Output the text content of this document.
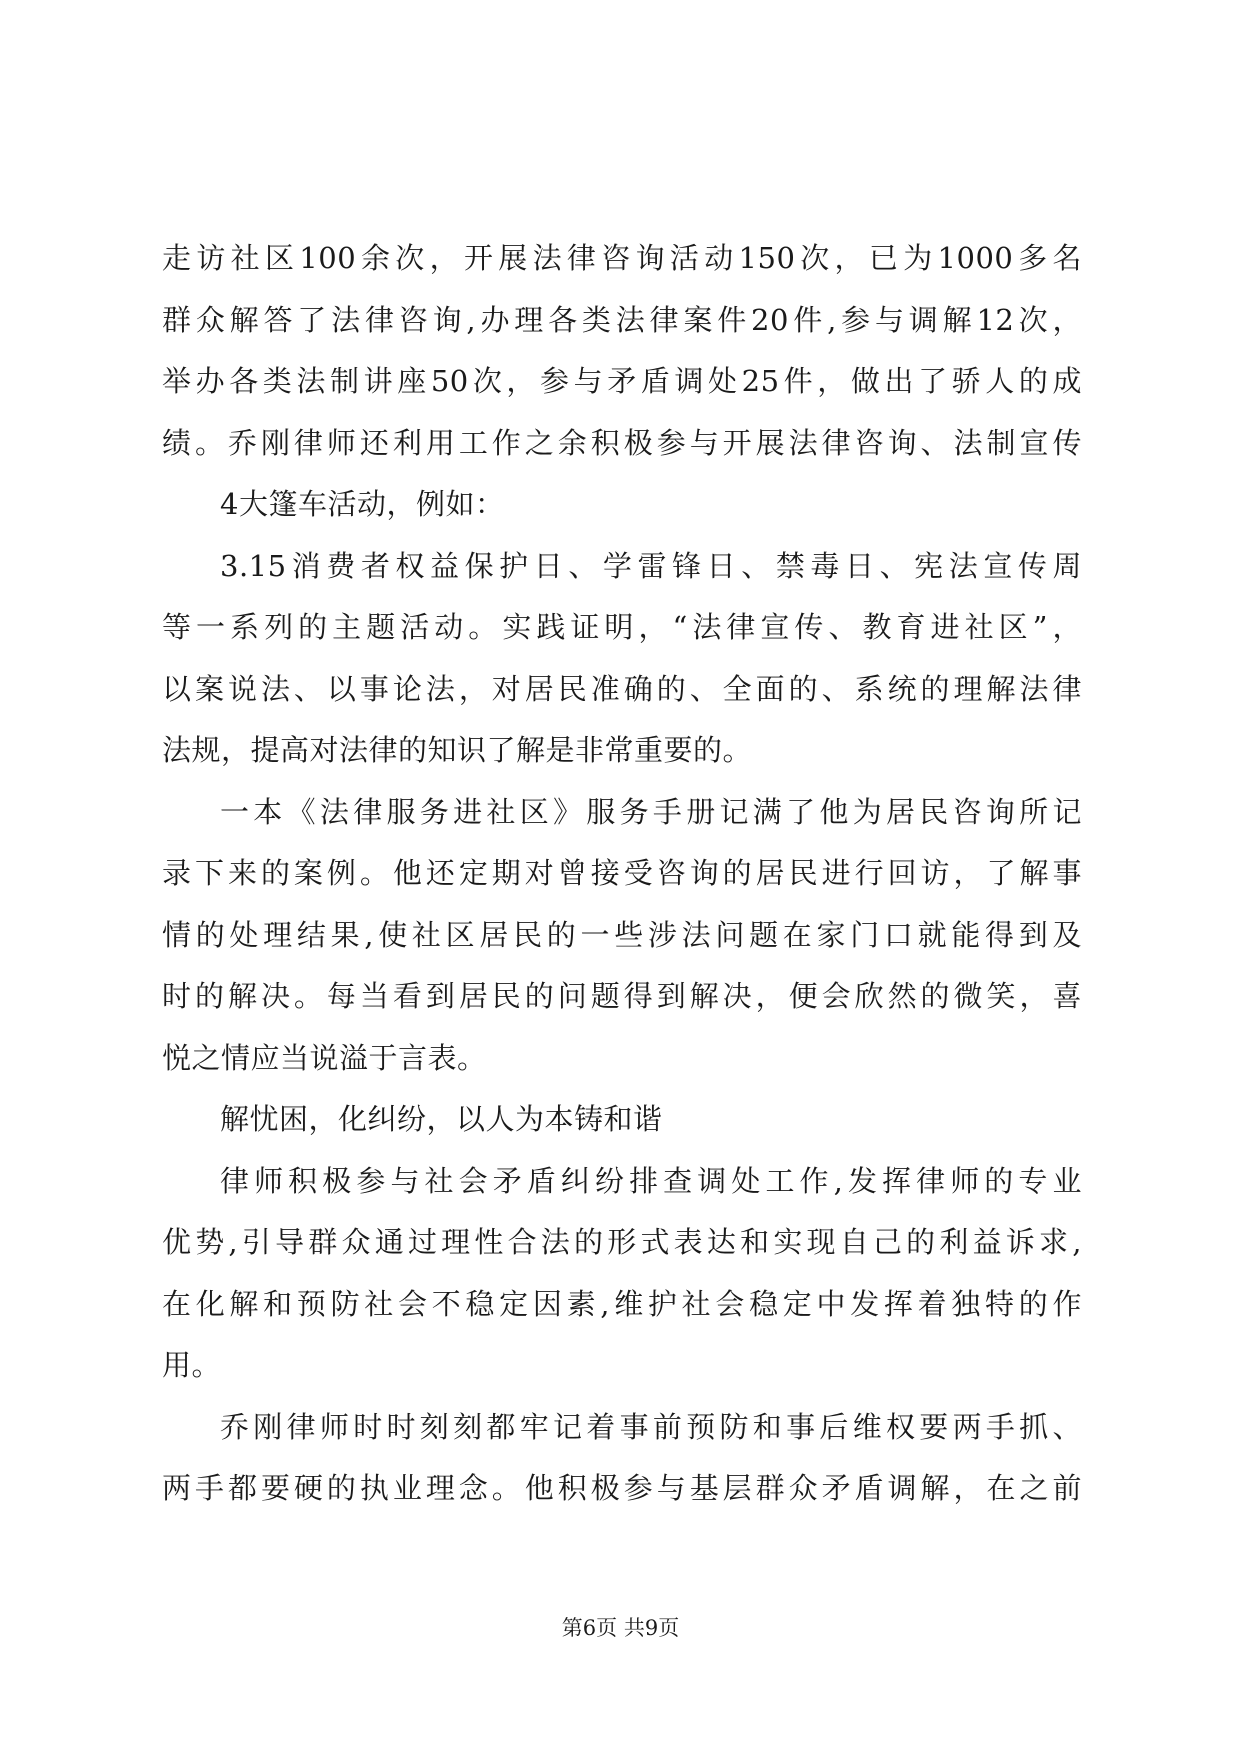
走访社区100余次，开展法律咨询活动150次，已为1000多名
群众解答了法律咨询,办理各类法律案件20件,参与调解12次，
举办各类法制讲座50次，参与矛盾调处25件，做出了骄人的成
绩。乔刚律师还利用工作之余积极参与开展法律咨询、法制宣传
4大篷车活动，例如：
3.15消费者权益保护日、学雷锋日、禁毒日、宪法宣传周
等一系列的主题活动。实践证明，“法律宣传、教育进社区”，
以案说法、以事论法，对居民准确的、全面的、系统的理解法律
法规，提高对法律的知识了解是非常重要的。
一本《法律服务进社区》服务手册记满了他为居民咨询所记
录下来的案例。他还定期对曾接受咨询的居民进行回访，了解事
情的处理结果,使社区居民的一些涉法问题在家门口就能得到及
时的解决。每当看到居民的问题得到解决，便会欣然的微笑，喜
悦之情应当说溢于言表。
解忧困，化纠纷，以人为本铸和谐
律师积极参与社会矛盾纠纷排查调处工作,发挥律师的专业
优势,引导群众通过理性合法的形式表达和实现自己的利益诉求,
在化解和预防社会不稳定因素,维护社会稳定中发挥着独特的作
用。
乔刚律师时时刻刻都牢记着事前预防和事后维权要两手抓、
两手都要硬的执业理念。他积极参与基层群众矛盾调解，在之前
第6页 共9页
